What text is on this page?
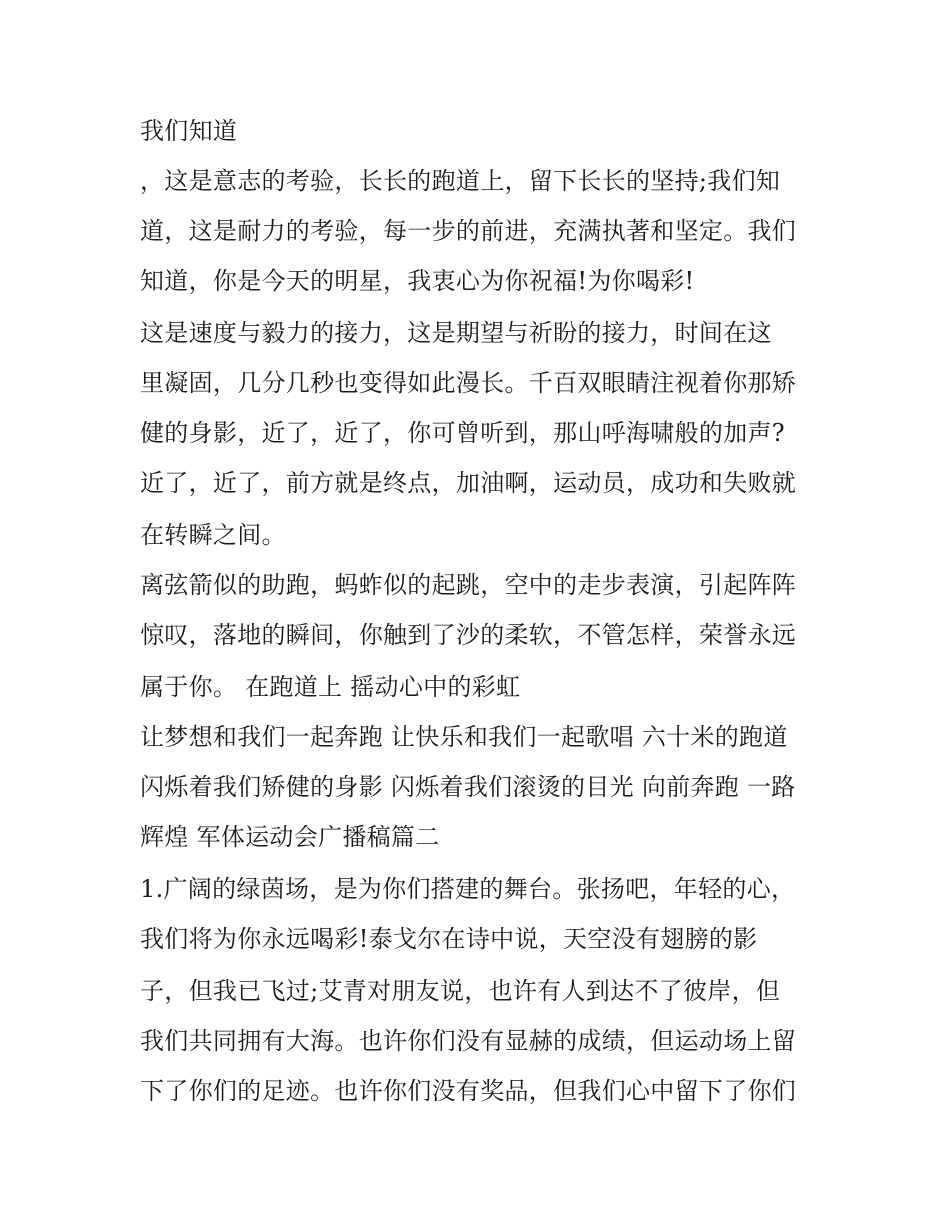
我们知道
，这是意志的考验，长长的跑道上，留下长长的坚持;我们知
道，这是耐力的考验，每一步的前进，充满执著和坚定。我们
知道，你是今天的明星，我衷心为你祝福!为你喝彩!
这是速度与毅力的接力，这是期望与祈盼的接力，时间在这
里凝固，几分几秒也变得如此漫长。千百双眼睛注视着你那矫
健的身影，近了，近了，你可曾听到，那山呼海啸般的加声?
近了，近了，前方就是终点，加油啊，运动员，成功和失败就
在转瞬之间。
离弦箭似的助跑，蚂蚱似的起跳，空中的走步表演，引起阵阵
惊叹，落地的瞬间，你触到了沙的柔软，不管怎样，荣誉永远
属于你。 在跑道上 摇动心中的彩虹
让梦想和我们一起奔跑 让快乐和我们一起歌唱 六十米的跑道
闪烁着我们矫健的身影 闪烁着我们滚烫的目光 向前奔跑 一路
辉煌 军体运动会广播稿篇二
1.广阔的绿茵场，是为你们搭建的舞台。张扬吧，年轻的心，
我们将为你永远喝彩!泰戈尔在诗中说，天空没有翅膀的影
子，但我已飞过;艾青对朋友说，也许有人到达不了彼岸，但
我们共同拥有大海。也许你们没有显赫的成绩，但运动场上留
下了你们的足迹。也许你们没有奖品，但我们心中留下了你们
